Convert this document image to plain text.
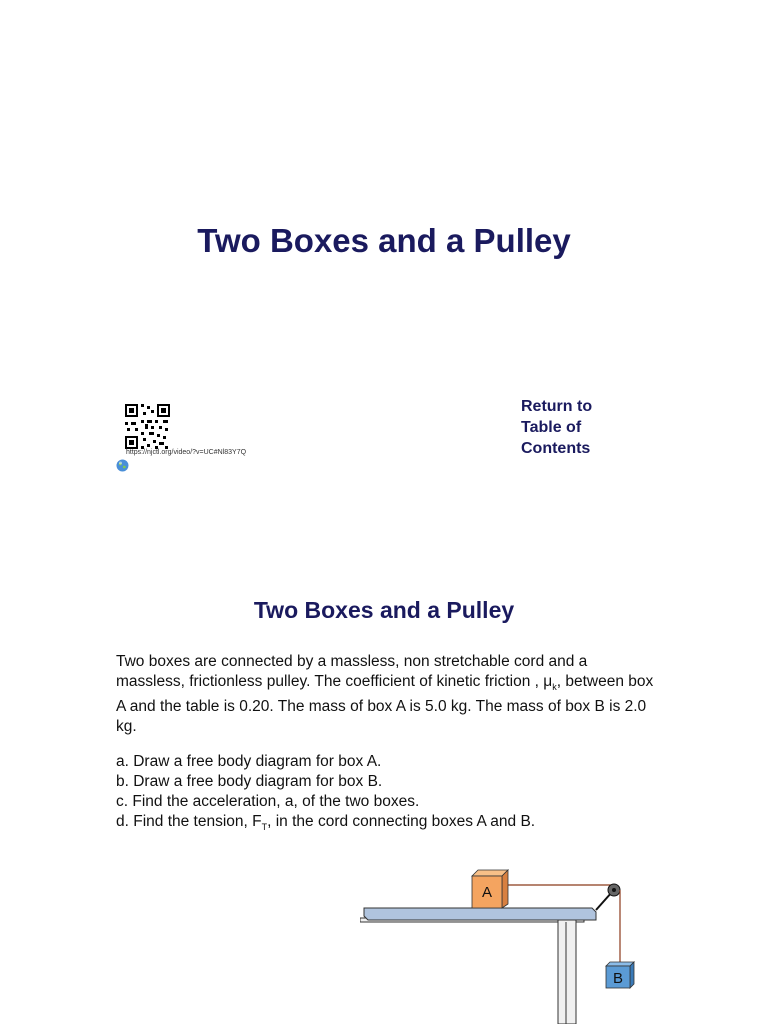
Two Boxes and a Pulley
https://njctl.org/video/?v=UC#Nl83Y7Q
Return to
Table of
Contents
Two Boxes and a Pulley

Two boxes are connected by a massless, non stretchable cord and a massless, frictionless pulley. The coefficient of kinetic friction , $\mu_k$, between box A and the table is 0.20. The mass of box A is 5.0 kg. The mass of box B is 2.0 kg.

a. Draw a free body diagram for box A.
b. Draw a free body diagram for box B.
c. Find the acceleration, a, of the two boxes.
d. Find the tension, $F_T$, in the cord connecting boxes A and B.
A
B
